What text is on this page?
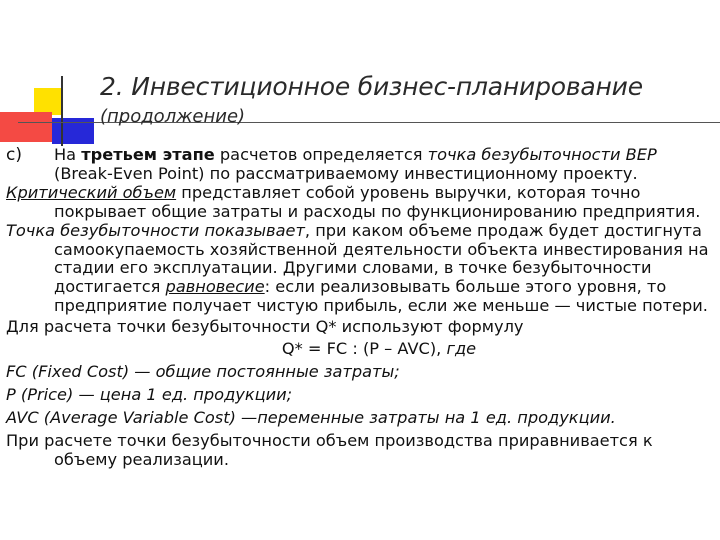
2. Инвестиционное бизнес-планирование
(продолжение)

c) На третьем этапе расчетов определяется точка безубыточности ВЕР
(Break-Even Point) по рассматриваемому инвестиционному проекту.

Критический объем представляет собой уровень выручки, которая точно покрывает общие затраты и расходы по функционированию предприятия.

Точка безубыточности показывает, при каком объеме продаж будет достигнута самоокупаемость хозяйственной деятельности объекта инвестирования на стадии его эксплуатации. Другими словами, в точке безубыточности достигается равновесие: если реализовывать больше этого уровня, то предприятие получает чистую прибыль, если же меньше — чистые потери.

Для расчета точки безубыточности Q* используют формулу

Q* = FC : (P – AVC), где

FC (Fixed Cost) — общие постоянные затраты;

P (Price) — цена 1 ед. продукции;

AVC (Average Variable Cost) —переменные затраты на 1 ед. продукции.

При расчете точки безубыточности объем производства приравнивается к объему реализации.
